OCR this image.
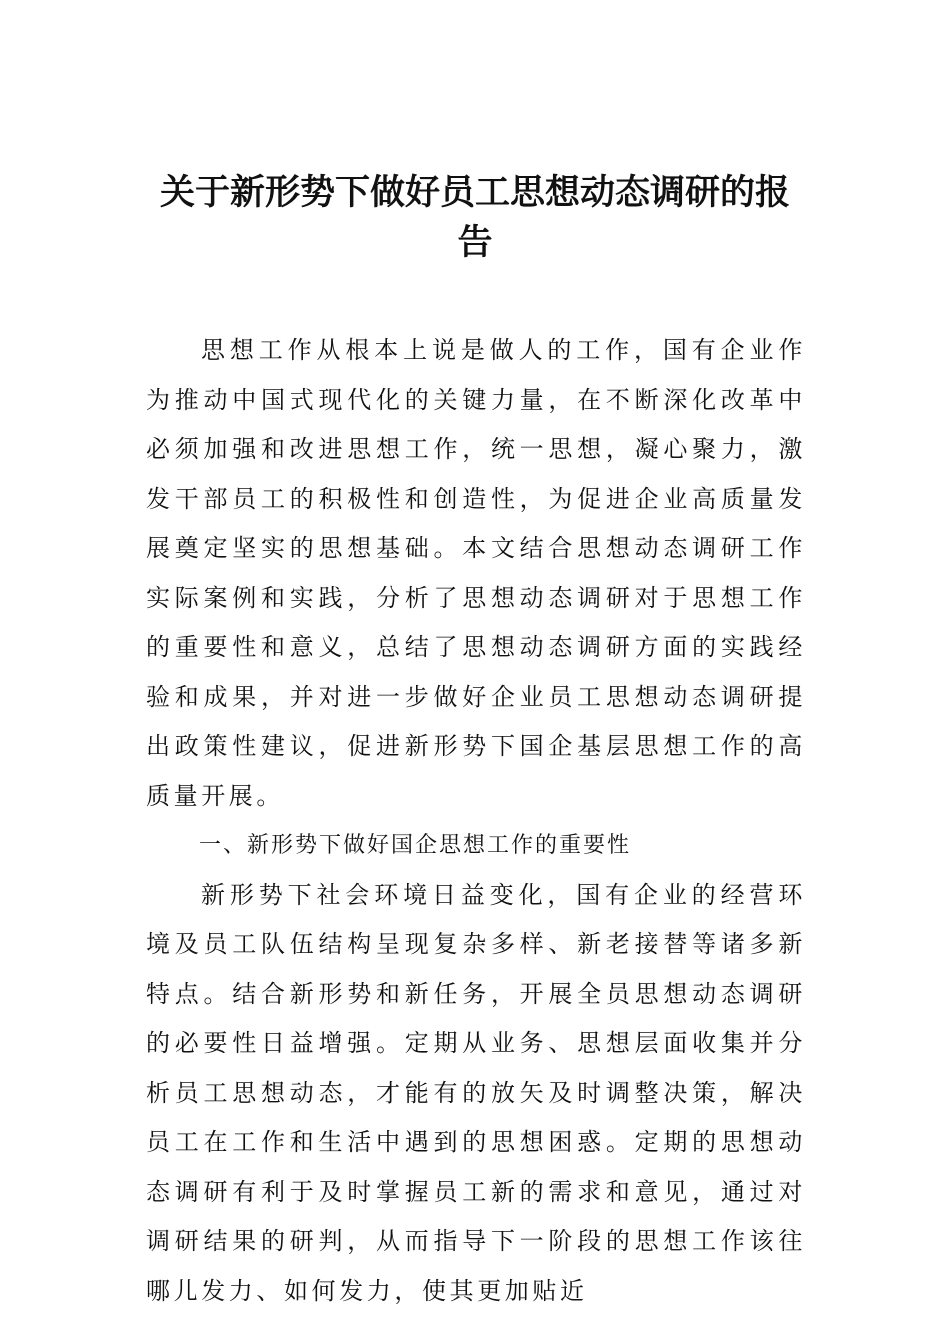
关于新形势下做好员工思想动态调研的报告

思想工作从根本上说是做人的工作，国有企业作为推动中国式现代化的关键力量，在不断深化改革中必须加强和改进思想工作，统一思想，凝心聚力，激发干部员工的积极性和创造性，为促进企业高质量发展奠定坚实的思想基础。本文结合思想动态调研工作实际案例和实践，分析了思想动态调研对于思想工作的重要性和意义，总结了思想动态调研方面的实践经验和成果，并对进一步做好企业员工思想动态调研提出政策性建议，促进新形势下国企基层思想工作的高质量开展。

一、新形势下做好国企思想工作的重要性

新形势下社会环境日益变化，国有企业的经营环境及员工队伍结构呈现复杂多样、新老接替等诸多新特点。结合新形势和新任务，开展全员思想动态调研的必要性日益增强。定期从业务、思想层面收集并分析员工思想动态，才能有的放矢及时调整决策，解决员工在工作和生活中遇到的思想困惑。定期的思想动态调研有利于及时掌握员工新的需求和意见，通过对调研结果的研判，从而指导下一阶段的思想工作该往哪儿发力、如何发力，使其更加贴近
